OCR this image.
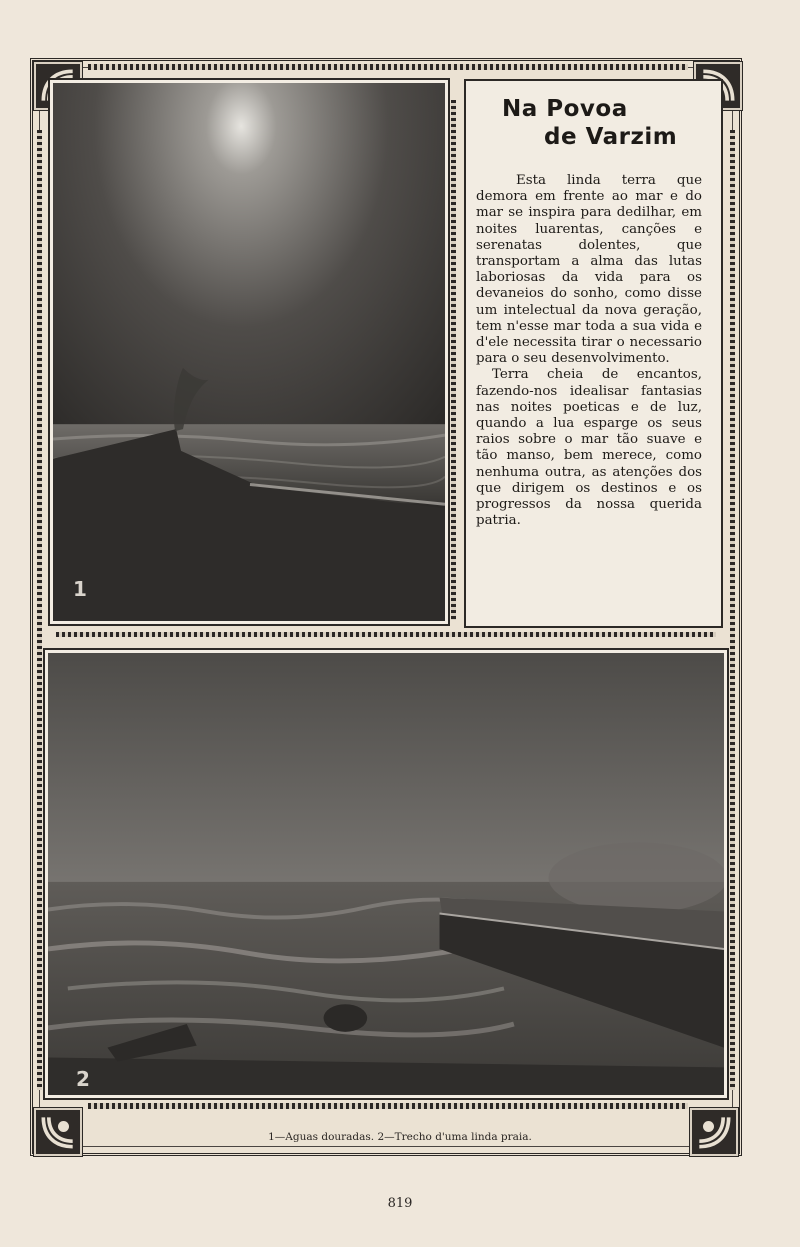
1
Na Povoa
de Varzim

Esta linda terra que demora em frente ao mar e do mar se inspira para dedilhar, em noites luarentas, canções e serenatas dolentes, que transportam a alma das lutas laboriosas da vida para os devaneios do sonho, como disse um intelectual da nova geração, tem n'esse mar toda a sua vida e d'ele necessita tirar o necessario para o seu desenvolvimento.

Terra cheia de encantos, fazendo-nos idealisar fantasias nas noites poeticas e de luz, quando a lua esparge os seus raios sobre o mar tão suave e tão manso, bem merece, como nenhuma outra, as atenções dos que dirigem os destinos e os progressos da nossa querida patria.

2
1—Aguas douradas. 2—Trecho d'uma linda praia.
819
